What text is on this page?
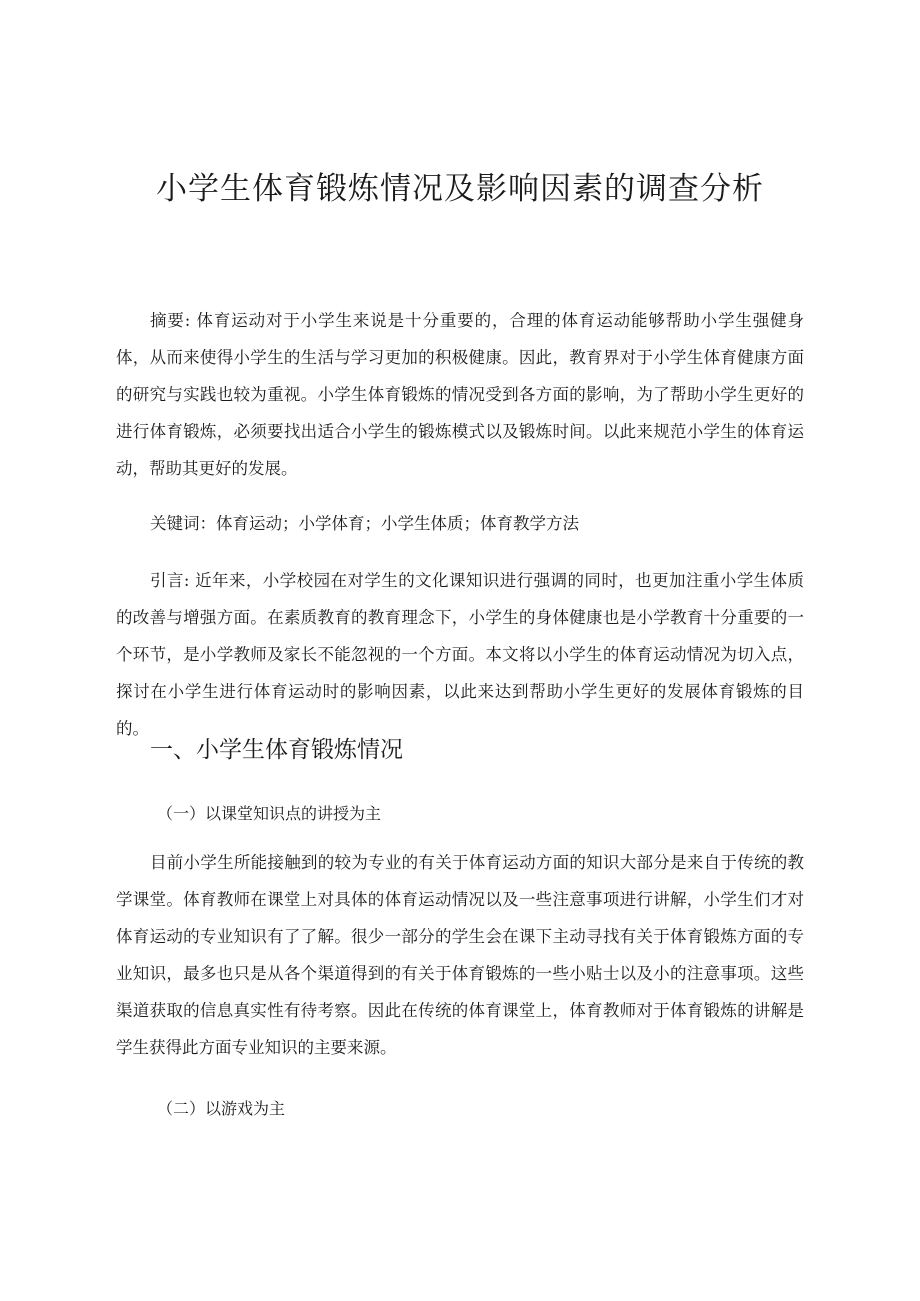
小学生体育锻炼情况及影响因素的调查分析

摘要: 体育运动对于小学生来说是十分重要的，合理的体育运动能够帮助小学生强健身体，从而来使得小学生的生活与学习更加的积极健康。因此，教育界对于小学生体育健康方面的研究与实践也较为重视。小学生体育锻炼的情况受到各方面的影响，为了帮助小学生更好的进行体育锻炼，必须要找出适合小学生的锻炼模式以及锻炼时间。以此来规范小学生的体育运动，帮助其更好的发展。

关键词：体育运动；小学体育；小学生体质；体育教学方法

引言: 近年来，小学校园在对学生的文化课知识进行强调的同时，也更加注重小学生体质的改善与增强方面。在素质教育的教育理念下，小学生的身体健康也是小学教育十分重要的一个环节，是小学教师及家长不能忽视的一个方面。本文将以小学生的体育运动情况为切入点，探讨在小学生进行体育运动时的影响因素，以此来达到帮助小学生更好的发展体育锻炼的目的。

一、小学生体育锻炼情况
（一）以课堂知识点的讲授为主

目前小学生所能接触到的较为专业的有关于体育运动方面的知识大部分是来自于传统的教学课堂。体育教师在课堂上对具体的体育运动情况以及一些注意事项进行讲解，小学生们才对体育运动的专业知识有了了解。很少一部分的学生会在课下主动寻找有关于体育锻炼方面的专业知识，最多也只是从各个渠道得到的有关于体育锻炼的一些小贴士以及小的注意事项。这些渠道获取的信息真实性有待考察。因此在传统的体育课堂上，体育教师对于体育锻炼的讲解是学生获得此方面专业知识的主要来源。

（二）以游戏为主
